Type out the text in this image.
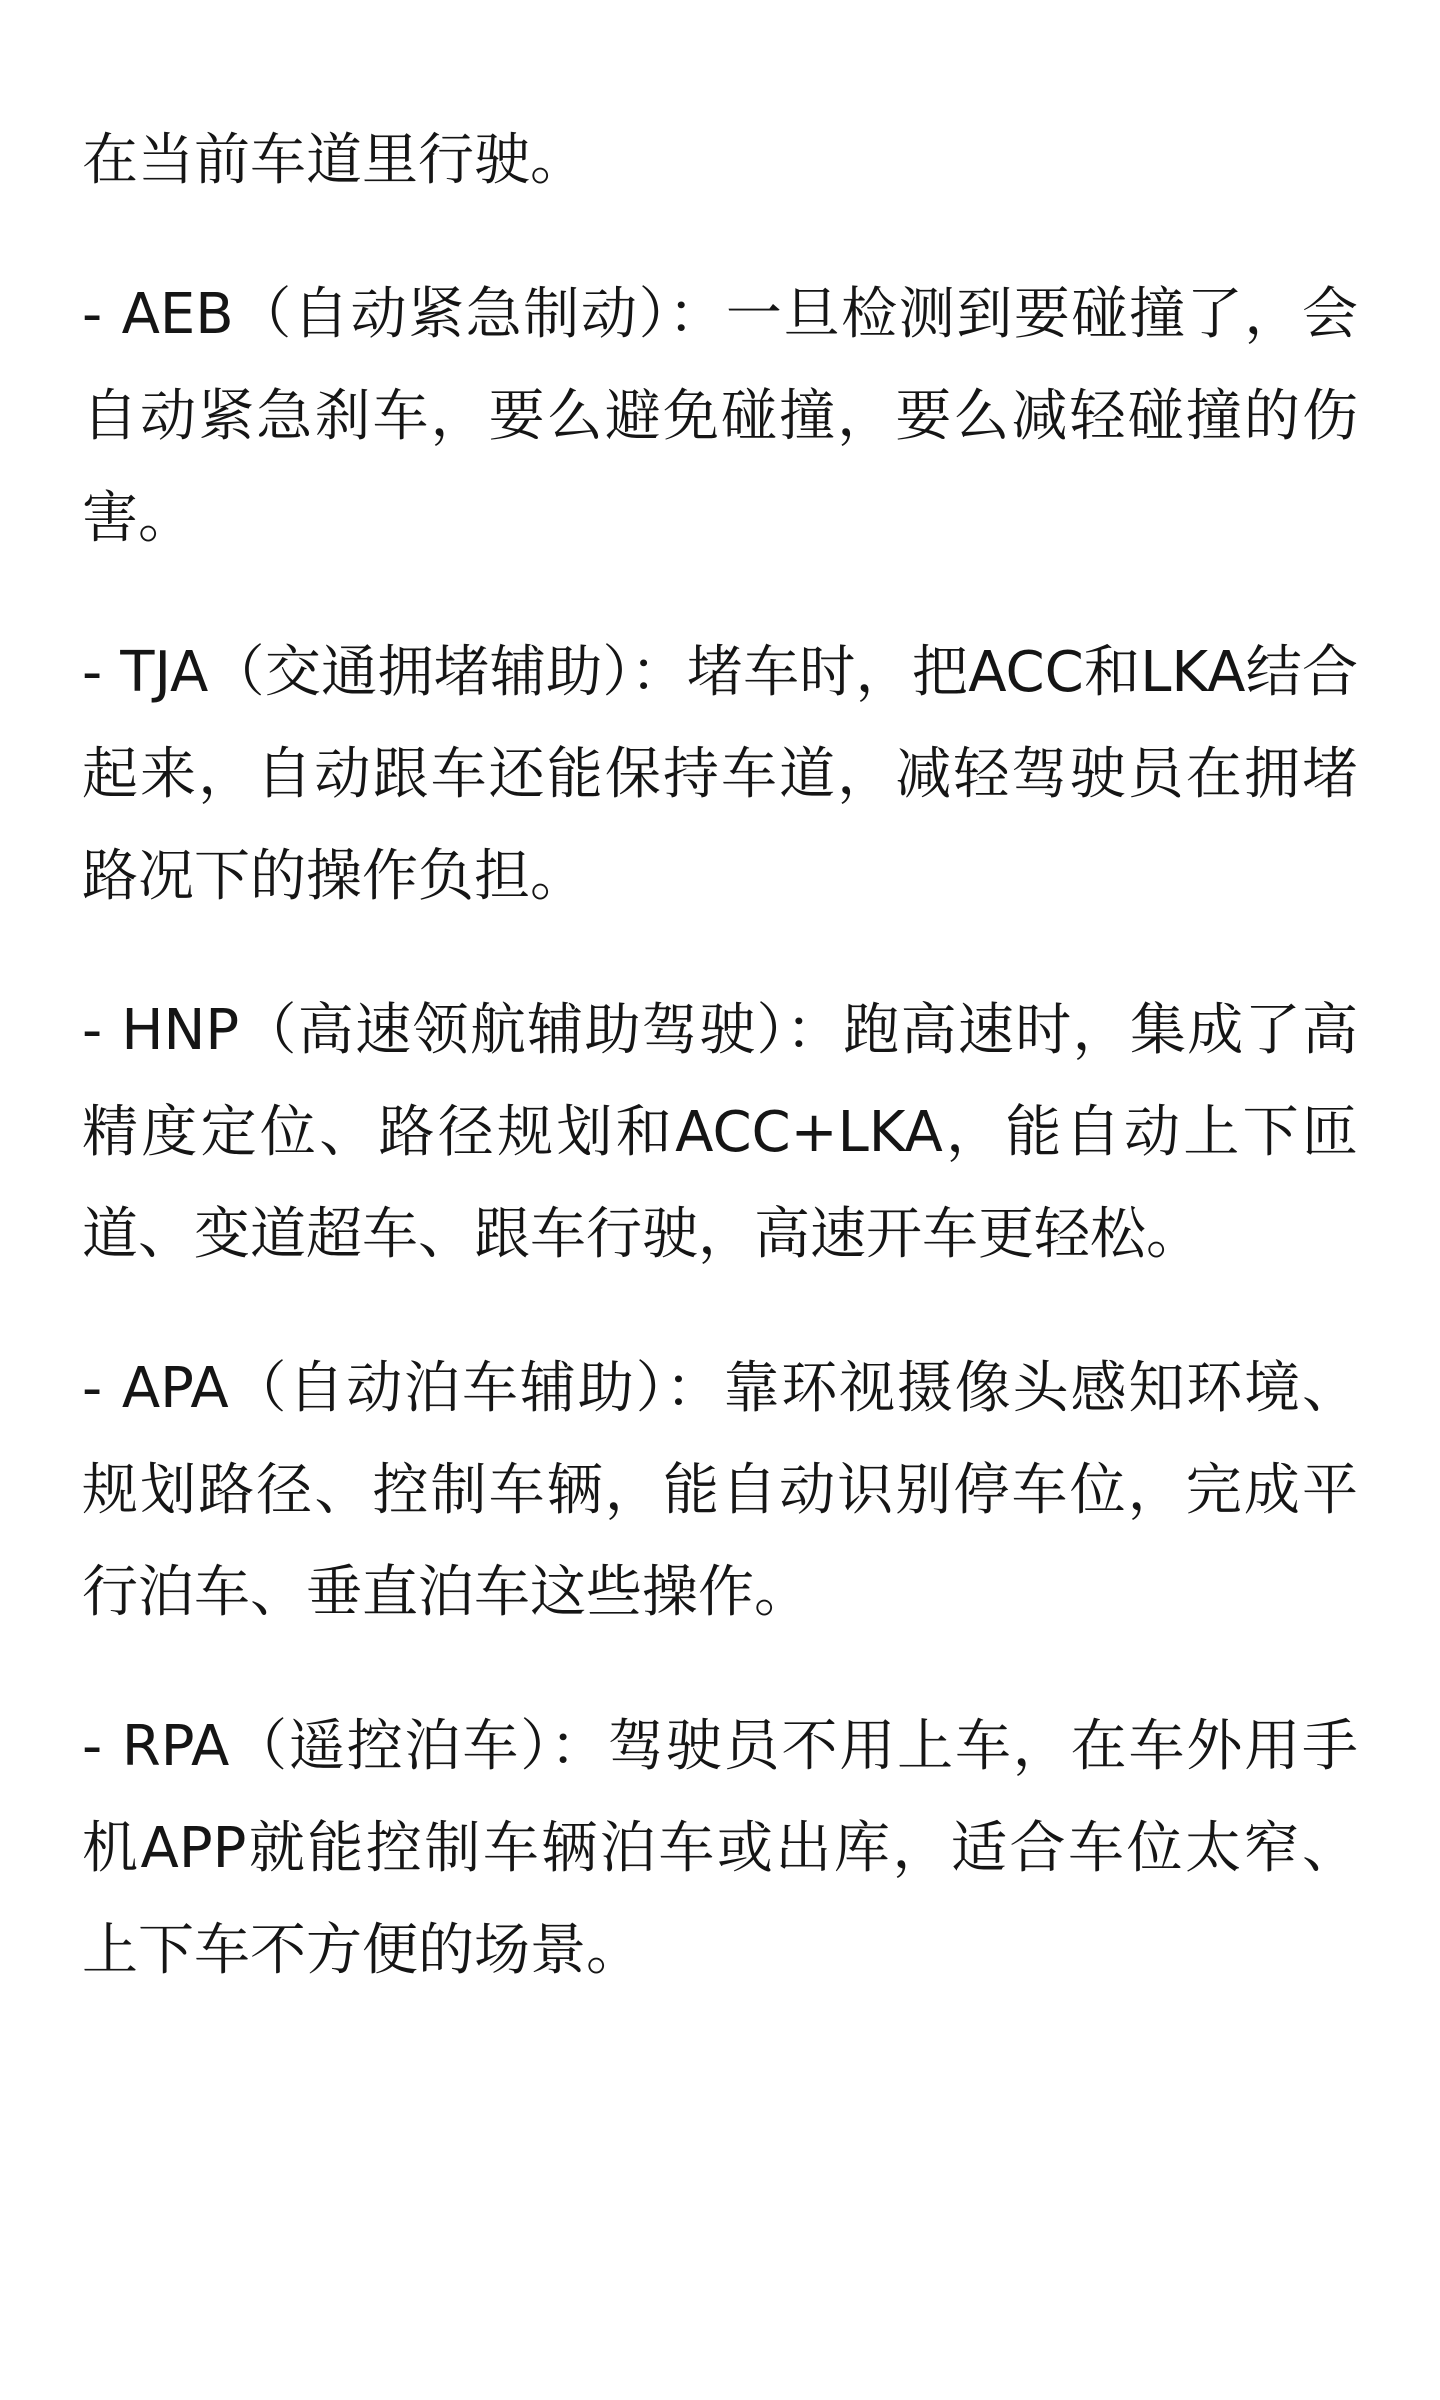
在当前车道里行驶。

- AEB（自动紧急制动）：一旦检测到要碰撞了，会自动紧急刹车，要么避免碰撞，要么减轻碰撞的伤害。

- TJA（交通拥堵辅助）：堵车时，把ACC和LKA结合起来，自动跟车还能保持车道，减轻驾驶员在拥堵路况下的操作负担。

- HNP（高速领航辅助驾驶）：跑高速时，集成了高精度定位、路径规划和ACC+LKA，能自动上下匝道、变道超车、跟车行驶，高速开车更轻松。

- APA（自动泊车辅助）：靠环视摄像头感知环境、规划路径、控制车辆，能自动识别停车位，完成平行泊车、垂直泊车这些操作。

- RPA（遥控泊车）：驾驶员不用上车，在车外用手机APP就能控制车辆泊车或出库，适合车位太窄、上下车不方便的场景。
